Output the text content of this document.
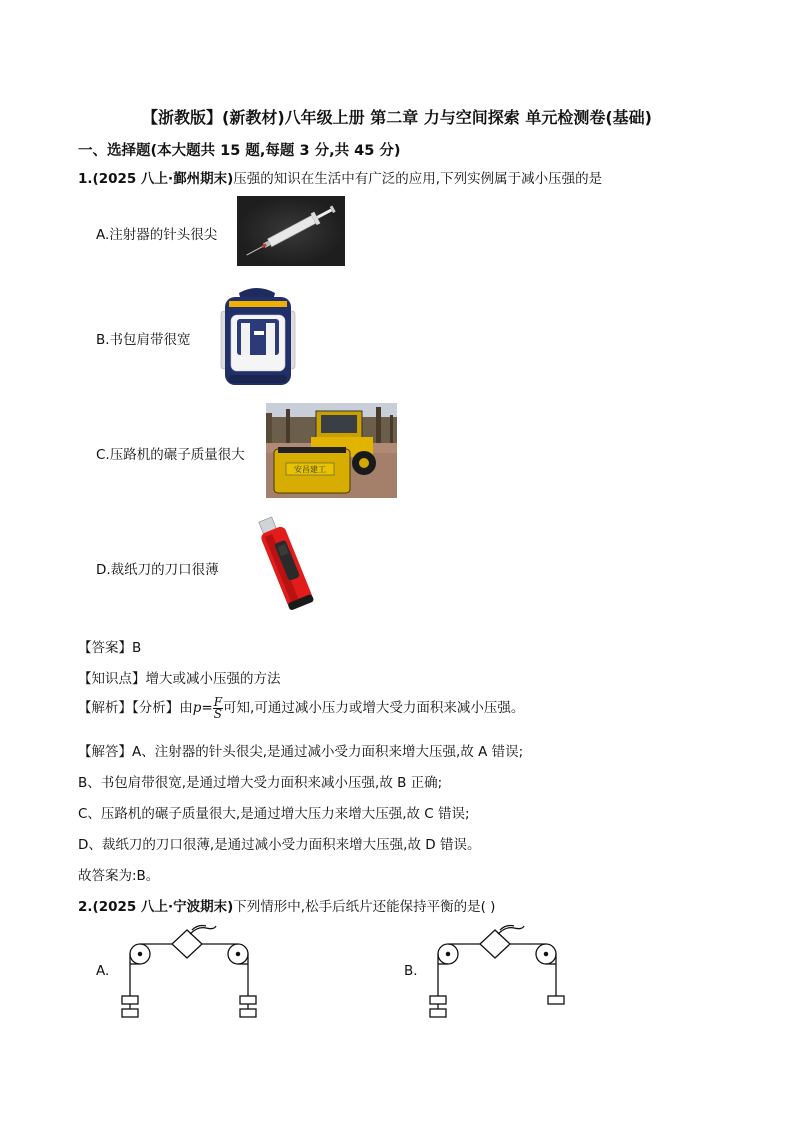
【浙教版】(新教材)八年级上册 第二章 力与空间探索 单元检测卷(基础)
一、选择题(本大题共 15 题,每题 3 分,共 45 分)
1.(2025 八上·鄞州期末)压强的知识在生活中有广泛的应用,下列实例属于减小压强的是
A.注射器的针头很尖
B.书包肩带很宽
C.压路机的碾子质量很大
安昌建工
D.裁纸刀的刀口很薄
【答案】B
【知识点】增大或减小压强的方法
【解析】【分析】由$p= \frac{F}{S}$ 可知,可通过减小压力或增大受力面积来减小压强。
【解答】A、注射器的针头很尖,是通过减小受力面积来增大压强,故 A 错误;
B、书包肩带很宽,是通过增大受力面积来减小压强,故 B 正确;
C、压路机的碾子质量很大,是通过增大压力来增大压强,故 C 错误;
D、裁纸刀的刀口很薄,是通过减小受力面积来增大压强,故 D 错误。
故答案为:B。
2.(2025 八上·宁波期末)下列情形中,松手后纸片还能保持平衡的是( )
A.	B.
